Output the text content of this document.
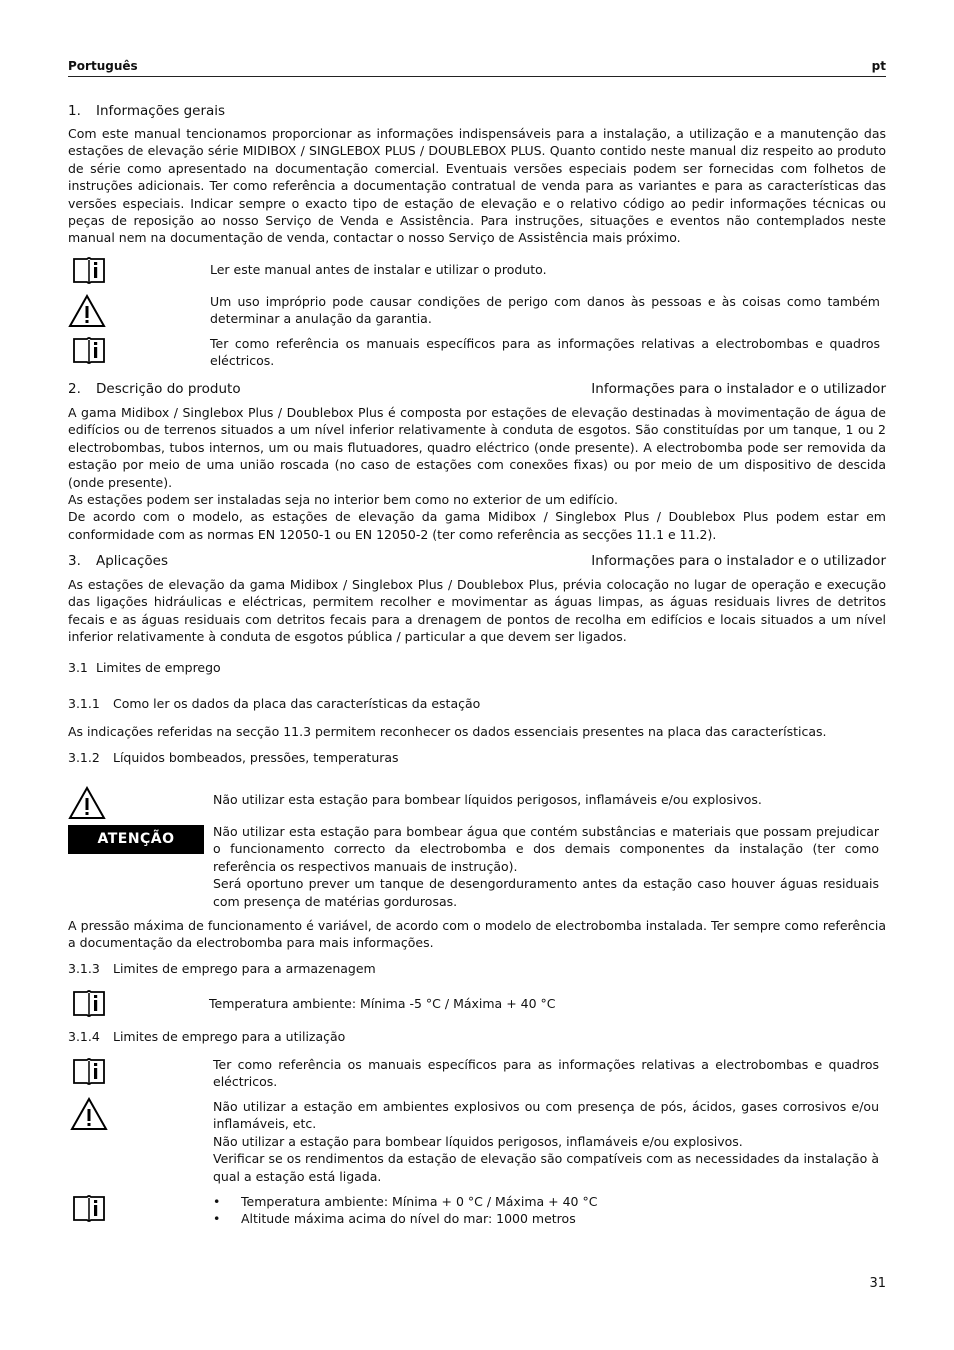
Português	pt
1. Informações gerais

Com este manual tencionamos proporcionar as informações indispensáveis para a instalação, a utilização e a manutenção das estações de elevação série MIDIBOX / SINGLEBOX PLUS / DOUBLEBOX PLUS. Quanto contido neste manual diz respeito ao produto de série como apresentado na documentação comercial. Eventuais versões especiais podem ser fornecidas com folhetos de instruções adicionais. Ter como referência a documentação contratual de venda para as variantes e para as características das versões especiais. Indicar sempre o exacto tipo de estação de elevação e o relativo código ao pedir informações técnicas ou peças de reposição ao nosso Serviço de Venda e Assistência. Para instruções, situações e eventos não contemplados neste manual nem na documentação de venda, contactar o nosso Serviço de Assistência mais próximo.

Ler este manual antes de instalar e utilizar o produto.
Um uso impróprio pode causar condições de perigo com danos às pessoas e às coisas como também determinar a anulação da garantia.
Ter como referência os manuais específicos para as informações relativas a electrobombas e quadros eléctricos.
2. Descrição do produto	Informações para o instalador e o utilizador

A gama Midibox / Singlebox Plus / Doublebox Plus é composta por estações de elevação destinadas à movimentação de água de edifícios ou de terrenos situados a um nível inferior relativamente à conduta de esgotos. São constituídas por um tanque, 1 ou 2 electrobombas, tubos internos, um ou mais flutuadores, quadro eléctrico (onde presente). A electrobomba pode ser removida da estação por meio de uma união roscada (no caso de estações com conexões fixas) ou por meio de um dispositivo de descida (onde presente).

As estações podem ser instaladas seja no interior bem como no exterior de um edifício.

De acordo com o modelo, as estações de elevação da gama Midibox / Singlebox Plus / Doublebox Plus podem estar em conformidade com as normas EN 12050-1 ou EN 12050-2 (ter como referência as secções 11.1 e 11.2).

3. Aplicações	Informações para o instalador e o utilizador

As estações de elevação da gama Midibox / Singlebox Plus / Doublebox Plus, prévia colocação no lugar de operação e execução das ligações hidráulicas e eléctricas, permitem recolher e movimentar as águas limpas, as águas residuais livres de detritos fecais e as águas residuais com detritos fecais para a drenagem de pontos de recolha em edifícios e locais situados a um nível inferior relativamente à conduta de esgotos pública / particular a que devem ser ligados.

3.1 Limites de emprego
3.1.1 Como ler os dados da placa das características da estação

As indicações referidas na secção 11.3 permitem reconhecer os dados essenciais presentes na placa das características.

3.1.2 Líquidos bombeados, pressões, temperaturas
Não utilizar esta estação para bombear líquidos perigosos, inflamáveis e/ou explosivos.
ATENÇÃO	Não utilizar esta estação para bombear água que contém substâncias e materiais que possam prejudicar o funcionamento correcto da electrobomba e dos demais componentes da instalação (ter como referência os respectivos manuais de instrução).
Será oportuno prever um tanque de desengorduramento antes da estação caso houver águas residuais com presença de matérias gordurosas.

A pressão máxima de funcionamento é variável, de acordo com o modelo de electrobomba instalada. Ter sempre como referência a documentação da electrobomba para mais informações.

3.1.3 Limites de emprego para a armazenagem
Temperatura ambiente: Mínima -5 °C / Máxima + 40 °C
3.1.4 Limites de emprego para a utilização
Ter como referência os manuais específicos para as informações relativas a electrobombas e quadros eléctricos.
Não utilizar a estação em ambientes explosivos ou com presença de pós, ácidos, gases corrosivos e/ou inflamáveis, etc.
Não utilizar a estação para bombear líquidos perigosos, inflamáveis e/ou explosivos.
Verificar se os rendimentos da estação de elevação são compatíveis com as necessidades da instalação à qual a estação está ligada.
• Temperatura ambiente: Mínima + 0 °C / Máxima + 40 °C
• Altitude máxima acima do nível do mar: 1000 metros
31
